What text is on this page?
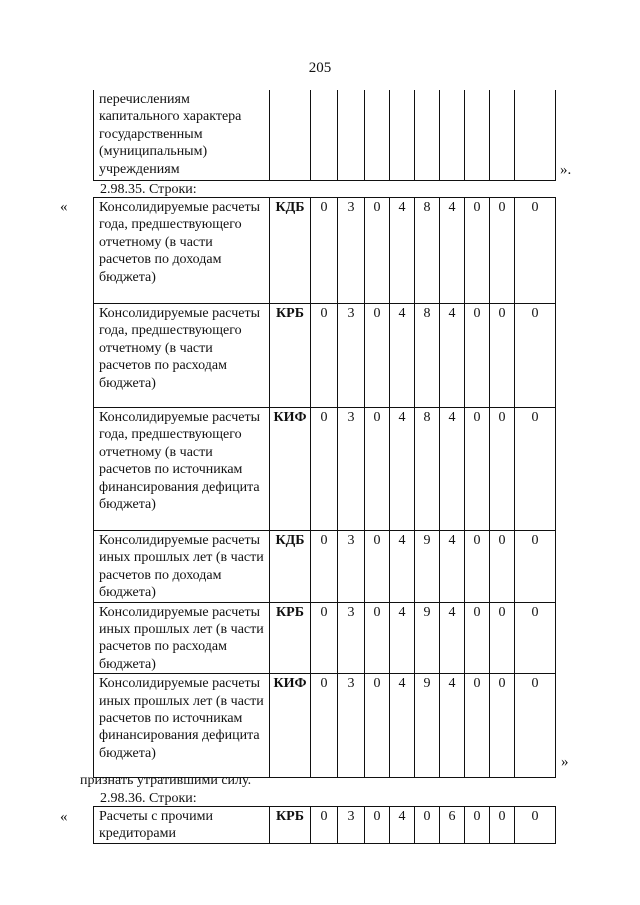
205
перечислениям капитального характера государственным (муниципальным) учреждениям											».
2.98.35. Строки:
« Консолидируемые расчеты года, предшествующего отчетному (в части расчетов по доходам бюджета)	КДБ	0	3	0	4	8	4	0	0	0
Консолидируемые расчеты года, предшествующего отчетному (в части расчетов по расходам бюджета)	КРБ	0	3	0	4	8	4	0	0	0
Консолидируемые расчеты года, предшествующего отчетному (в части расчетов по источникам финансирования дефицита бюджета)	КИФ	0	3	0	4	8	4	0	0	0
Консолидируемые расчеты иных прошлых лет (в части расчетов по доходам бюджета)	КДБ	0	3	0	4	9	4	0	0	0
Консолидируемые расчеты иных прошлых лет (в части расчетов по расходам бюджета)	КРБ	0	3	0	4	9	4	0	0	0
Консолидируемые расчеты иных прошлых лет (в части расчетов по источникам финансирования дефицита бюджета)	КИФ	0	3	0	4	9	4	0	0	0
»
признать утратившими силу.
2.98.36. Строки:
« Расчеты с прочими кредиторами	КРБ	0	3	0	4	0	6	0	0	0
